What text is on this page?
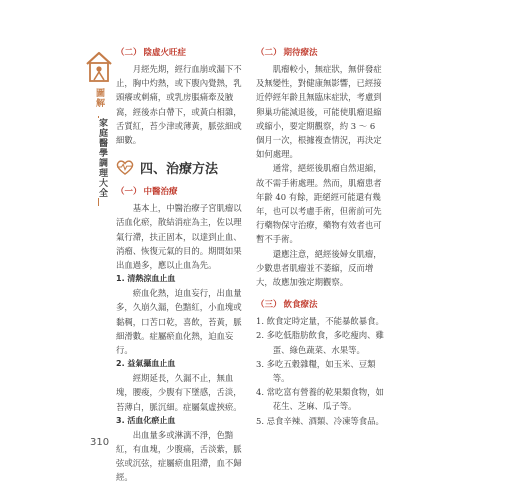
圖解
家庭醫學調理大全
（二） 陰虛火旺症

月經先期，經行血崩或漏下不止，胸中灼熱，或下腹內覺熱，乳頭癢或刺痛，或乳房脹痛牽及腋窩，經後赤白帶下，或黃白相雜，舌質紅，苔少津或薄黃，脈弦細或細數。

四、 治療方法
（一） 中醫治療

基本上，中醫治療子宮肌瘤以活血化瘀，散結消症為主，佐以理氣行滯，扶正固本，以達到止血、消瘤、恢復元氣的目的。期間如果出血過多，應以止血為先。

1. 清熱涼血止血

瘀血化熱，迫血妄行，出血量多，久崩久漏，色黯紅，小血塊或黏稠，口苦口乾，喜飲，苔黃，脈細滑數。症屬瘀血化熱，迫血妄行。

2. 益氣攝血止血

經期延長，久漏不止，無血塊，腰痠，少腹有下墜感，舌淡，苔薄白，脈沉細。症屬氣虛挾瘀。

3. 活血化瘀止血

出血量多或淋漓不淨，色黯紅，有血塊，少腹痛，舌淡紫，脈弦或沉弦，症屬瘀血阻滯，血不歸經。

（二） 期待療法

肌瘤較小，無症狀，無併發症及無變性，對健康無影響，已經接近停經年齡且無臨床症狀，考慮到卵巢功能減退後，可能使肌瘤退縮或縮小，要定期觀察，約 3 ～ 6 個月一次，根據複查情況，再決定如何處理。

通常，絕經後肌瘤自然退縮，故不需手術處理。然而，肌瘤患者年齡 40 有餘，距絕經可能還有幾年，也可以考慮手術，但術前可先行藥物保守治療，藥物有效者也可暫不手術。

還應注意，絕經後婦女肌瘤，少數患者肌瘤並不萎縮，反而增大，故應加強定期觀察。

（三） 飲食療法

1. 飲食定時定量，不能暴飲暴食。

2. 多吃低脂肪飲食，多吃瘦肉、雞蛋、綠色蔬菜、水果等。

3. 多吃五穀雜糧，如玉米、豆類等。

4. 常吃富有營養的乾果類食物，如花生、芝麻、瓜子等。

5. 忌食辛辣、酒類、冷凍等食品。

310
